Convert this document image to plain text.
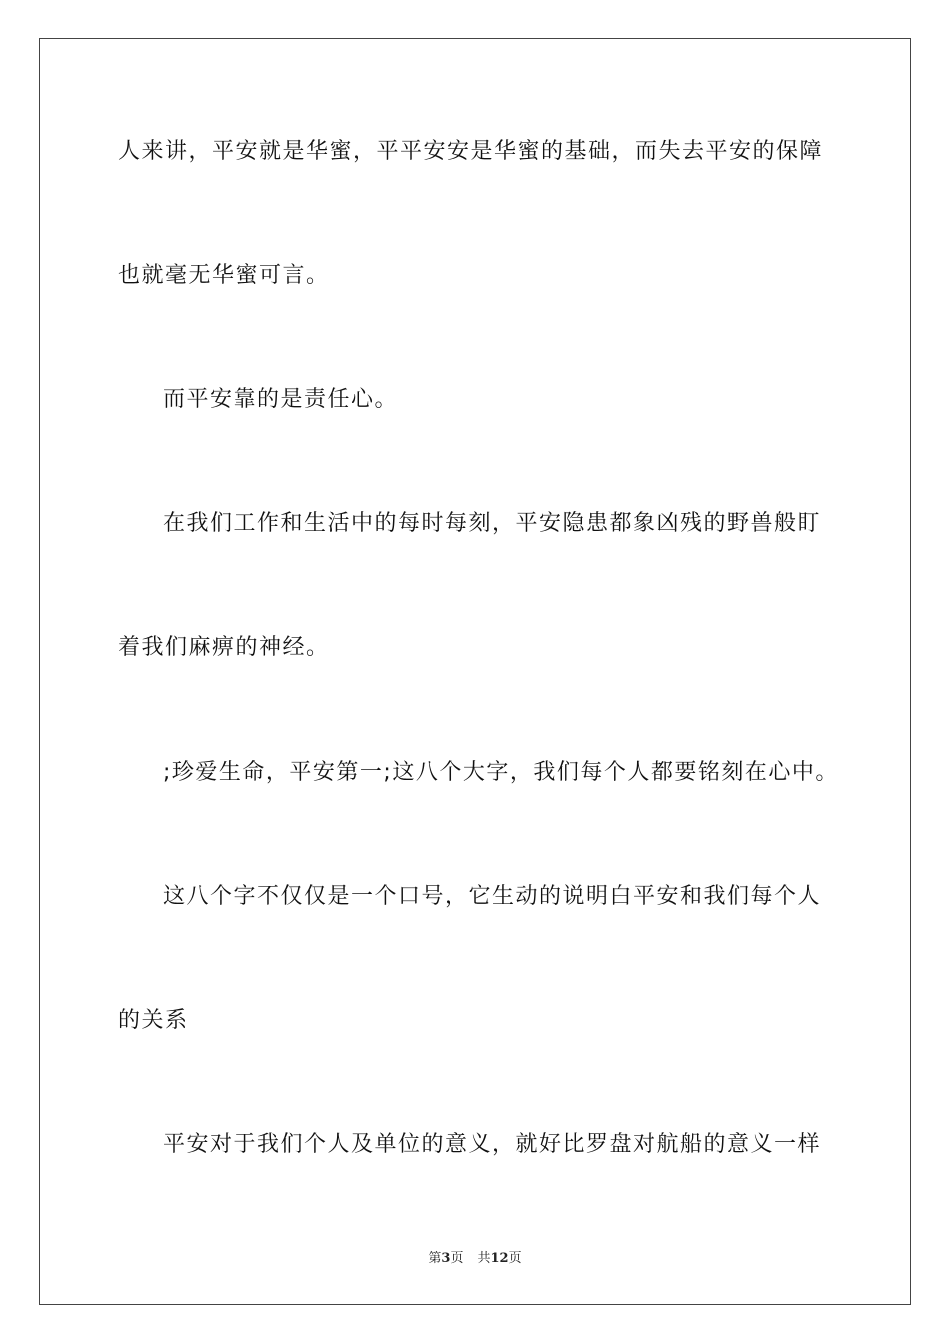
人来讲，平安就是华蜜，平平安安是华蜜的基础，而失去平安的保障
也就毫无华蜜可言。
而平安靠的是责任心。
在我们工作和生活中的每时每刻，平安隐患都象凶残的野兽般盯
着我们麻痹的神经。
;珍爱生命，平安第一;这八个大字，我们每个人都要铭刻在心中。
这八个字不仅仅是一个口号，它生动的说明白平安和我们每个人
的关系
平安对于我们个人及单位的意义，就好比罗盘对航船的意义一样
第3页 共12页
